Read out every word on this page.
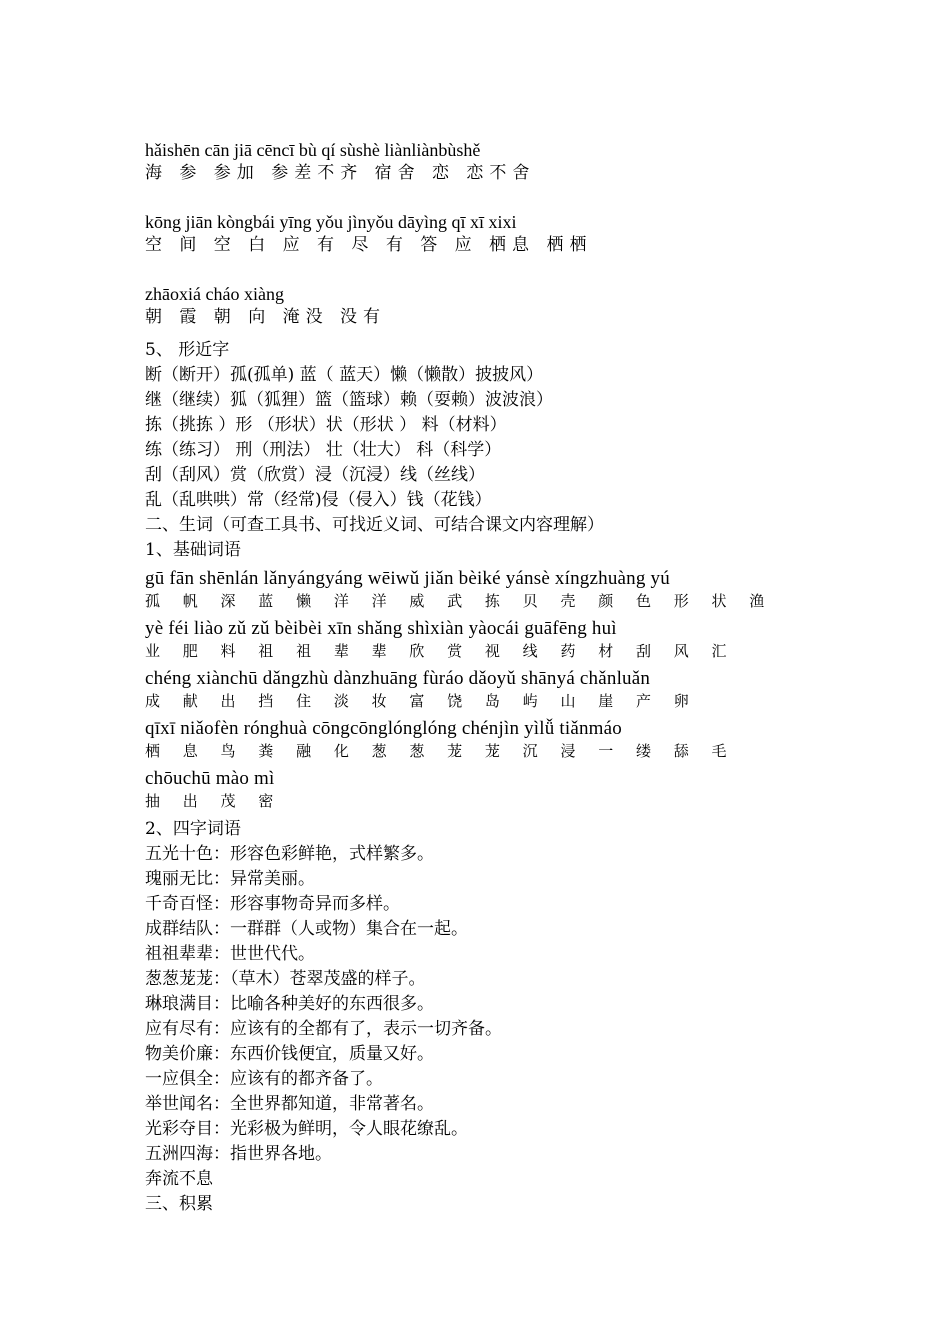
hǎishēn cān jiā cēncī bù qí sùshè liànliànbùshě
海 参 参加 参差不齐 宿舍 恋 恋不舍
kōng jiān kòngbái yīng yǒu jìnyǒu dāyìng qī xī xixi
空 间 空 白 应 有 尽 有 答 应 栖息 栖栖
zhāoxiá cháo xiàng
朝 霞 朝 向 淹没 没有
5、 形近字
断（断开）孤(孤单) 蓝（ 蓝天）懒（懒散）披披风）
继（继续）狐（狐狸）篮（篮球）赖（耍赖）波波浪）
拣（挑拣 ）形 （形状）状（形状 ） 料（材料）
练（练习） 刑（刑法） 壮（壮大） 科（科学）
刮（刮风）赏（欣赏）浸（沉浸）线（丝线）
乱（乱哄哄）常（经常)侵（侵入）钱（花钱）
二、生词（可查工具书、可找近义词、可结合课文内容理解）
1、基础词语
gū fān shēnlán lǎnyángyáng wēiwǔ jiǎn bèiké yánsè xíngzhuàng yú
孤 帆 深 蓝 懒 洋 洋 威 武 拣 贝 壳 颜 色 形 状 渔
yè féi liào zǔ zǔ bèibèi xīn shǎng shìxiàn yàocái guāfēng huì
业 肥 料 祖 祖 辈 辈 欣 赏 视 线 药 材 刮 风 汇
chéng xiànchū dǎngzhù dànzhuāng fùráo dǎoyǔ shānyá chǎnluǎn
成 献 出 挡 住 淡 妆 富 饶 岛 屿 山 崖 产 卵
qīxī niǎofèn rónghuà cōngcōnglónglóng chénjìn yìlǚ tiǎnmáo
栖 息 鸟 粪 融 化 葱 葱 茏 茏 沉 浸 一 缕 舔 毛
chōuchū mào mì
抽 出 茂 密
2、四字词语
五光十色：形容色彩鲜艳，式样繁多。
瑰丽无比：异常美丽。
千奇百怪：形容事物奇异而多样。
成群结队：一群群（人或物）集合在一起。
祖祖辈辈：世世代代。
葱葱茏茏：（草木）苍翠茂盛的样子。
琳琅满目：比喻各种美好的东西很多。
应有尽有：应该有的全都有了，表示一切齐备。
物美价廉：东西价钱便宜，质量又好。
一应俱全：应该有的都齐备了。
举世闻名：全世界都知道，非常著名。
光彩夺目：光彩极为鲜明，令人眼花缭乱。
五洲四海：指世界各地。
奔流不息
三、积累
